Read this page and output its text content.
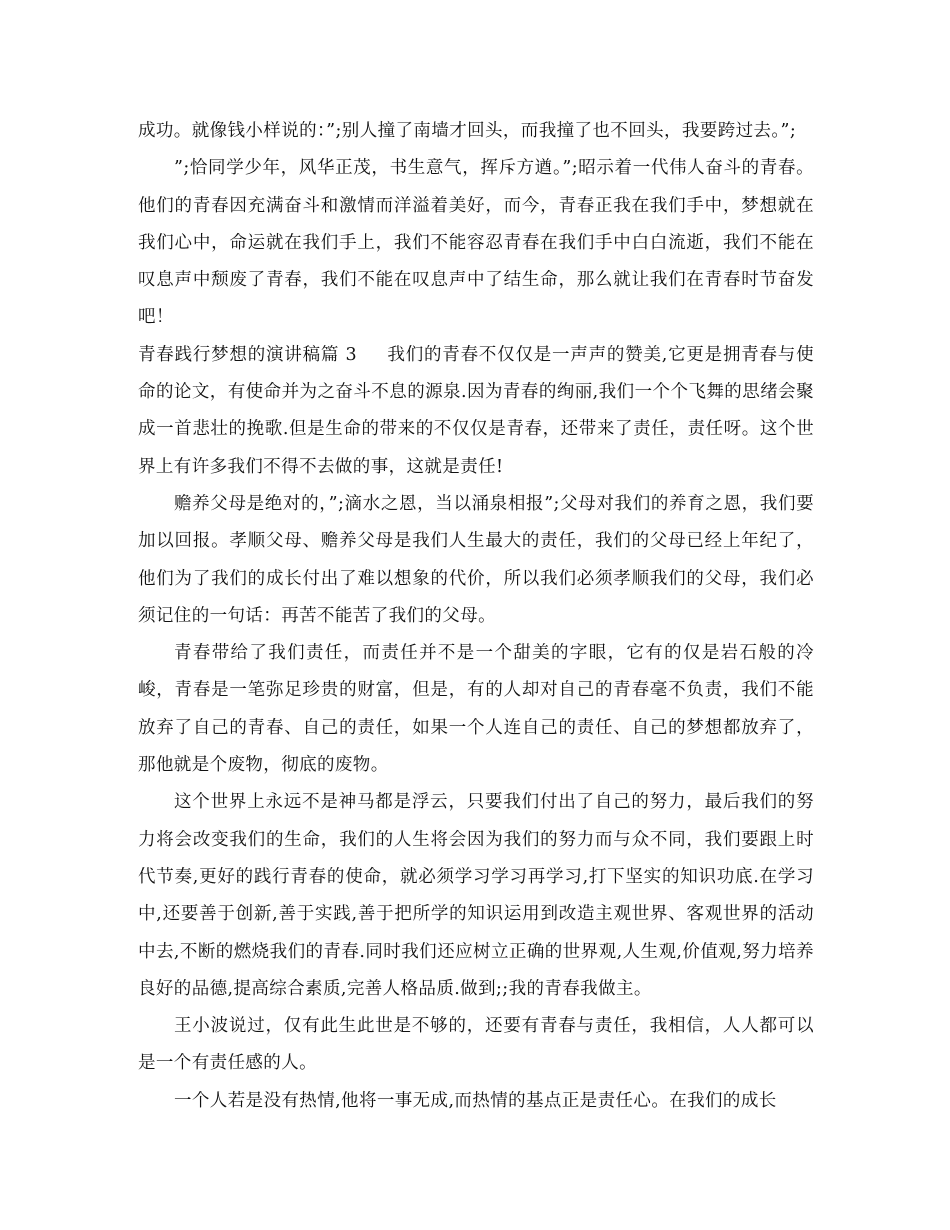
成功。就像钱小样说的：”;别人撞了南墙才回头，而我撞了也不回头，我要跨过去。”;

”;恰同学少年，风华正茂，书生意气，挥斥方遒。”;昭示着一代伟人奋斗的青春。他们的青春因充满奋斗和激情而洋溢着美好，而今，青春正我在我们手中，梦想就在我们心中，命运就在我们手上，我们不能容忍青春在我们手中白白流逝，我们不能在叹息声中颓废了青春，我们不能在叹息声中了结生命，那么就让我们在青春时节奋发吧！

青春践行梦想的演讲稿篇 3 我们的青春不仅仅是一声声的赞美,它更是拥青春与使命的论文，有使命并为之奋斗不息的源泉.因为青春的绚丽,我们一个个飞舞的思绪会聚成一首悲壮的挽歌.但是生命的带来的不仅仅是青春，还带来了责任，责任呀。这个世界上有许多我们不得不去做的事，这就是责任!

赡养父母是绝对的，”;滴水之恩，当以涌泉相报”;父母对我们的养育之恩，我们要加以回报。孝顺父母、赡养父母是我们人生最大的责任，我们的父母已经上年纪了，他们为了我们的成长付出了难以想象的代价，所以我们必须孝顺我们的父母，我们必须记住的一句话：再苦不能苦了我们的父母。

青春带给了我们责任，而责任并不是一个甜美的字眼，它有的仅是岩石般的冷峻，青春是一笔弥足珍贵的财富，但是，有的人却对自己的青春毫不负责，我们不能放弃了自己的青春、自己的责任，如果一个人连自己的责任、自己的梦想都放弃了，那他就是个废物，彻底的废物。

这个世界上永远不是神马都是浮云，只要我们付出了自己的努力，最后我们的努力将会改变我们的生命，我们的人生将会因为我们的努力而与众不同，我们要跟上时代节奏,更好的践行青春的使命，就必须学习学习再学习,打下坚实的知识功底.在学习中,还要善于创新,善于实践,善于把所学的知识运用到改造主观世界、客观世界的活动中去,不断的燃烧我们的青春.同时我们还应树立正确的世界观,人生观,价值观,努力培养良好的品德,提高综合素质,完善人格品质.做到;;我的青春我做主。

王小波说过，仅有此生此世是不够的，还要有青春与责任，我相信，人人都可以是一个有责任感的人。

一个人若是没有热情,他将一事无成,而热情的基点正是责任心。在我们的成长
